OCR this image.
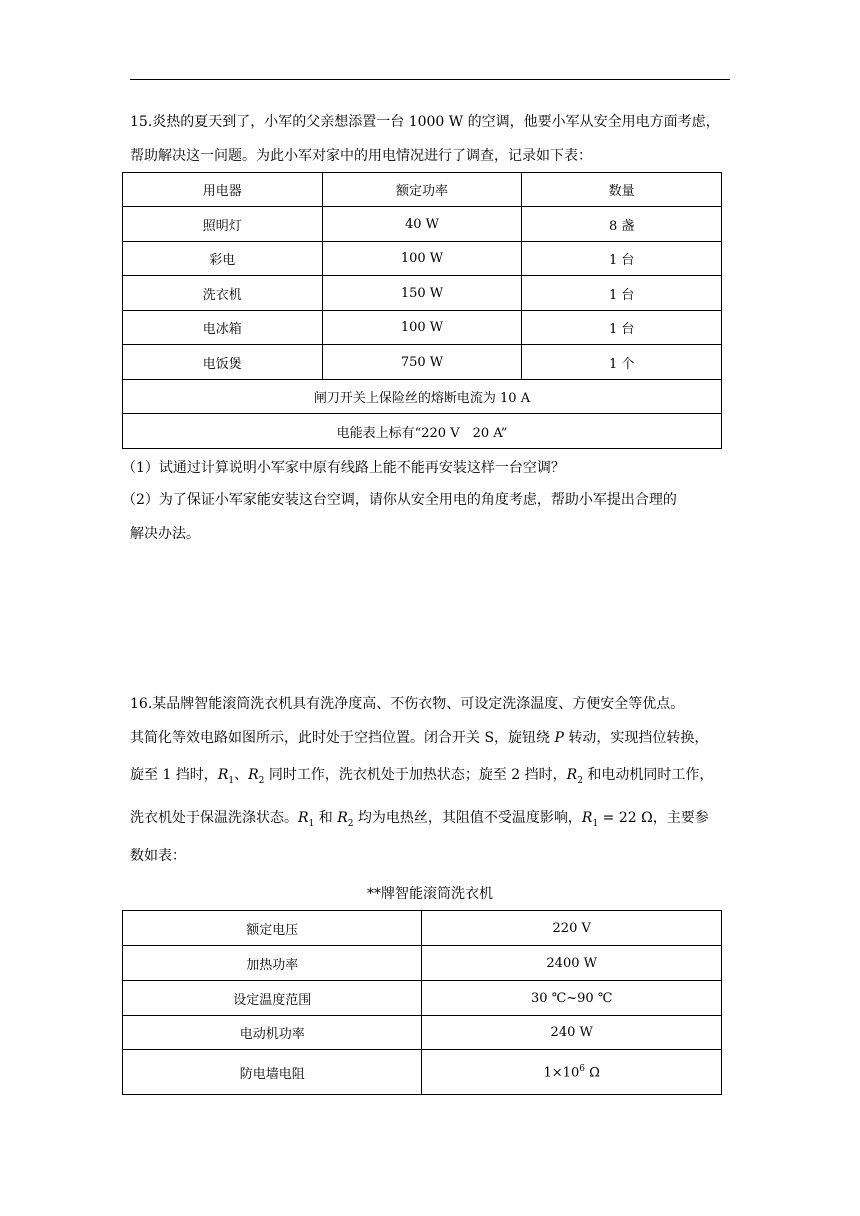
15.炎热的夏天到了，小军的父亲想添置一台 1000 W 的空调，他要小军从安全用电方面考虑，
帮助解决这一问题。为此小军对家中的用电情况进行了调查，记录如下表：
用电器	额定功率	数量
照明灯	40 W	8 盏
彩电	100 W	1 台
洗衣机	150 W	1 台
电冰箱	100 W	1 台
电饭煲	750 W	1 个
闸刀开关上保险丝的熔断电流为 10 A		
电能表上标有“220 V　20 A”		
（1）试通过计算说明小军家中原有线路上能不能再安装这样一台空调？
（2）为了保证小军家能安装这台空调，请你从安全用电的角度考虑，帮助小军提出合理的
解决办法。
16.某品牌智能滚筒洗衣机具有洗净度高、不伤衣物、可设定洗涤温度、方便安全等优点。
其简化等效电路如图所示，此时处于空挡位置。闭合开关 S，旋钮绕 P 转动，实现挡位转换，
旋至 1 挡时，$R_1$、$R_2$ 同时工作，洗衣机处于加热状态；旋至 2 挡时，$R_2$ 和电动机同时工作，
洗衣机处于保温洗涤状态。$R_1$ 和 $R_2$ 均为电热丝，其阻值不受温度影响，$R_1 = 22$ Ω，主要参
数如表：
**牌智能滚筒洗衣机
额定电压	220 V
加热功率	2400 W
设定温度范围	30 ℃~90 ℃
电动机功率	240 W
防电墙电阻	$1\times 10^6$ Ω
